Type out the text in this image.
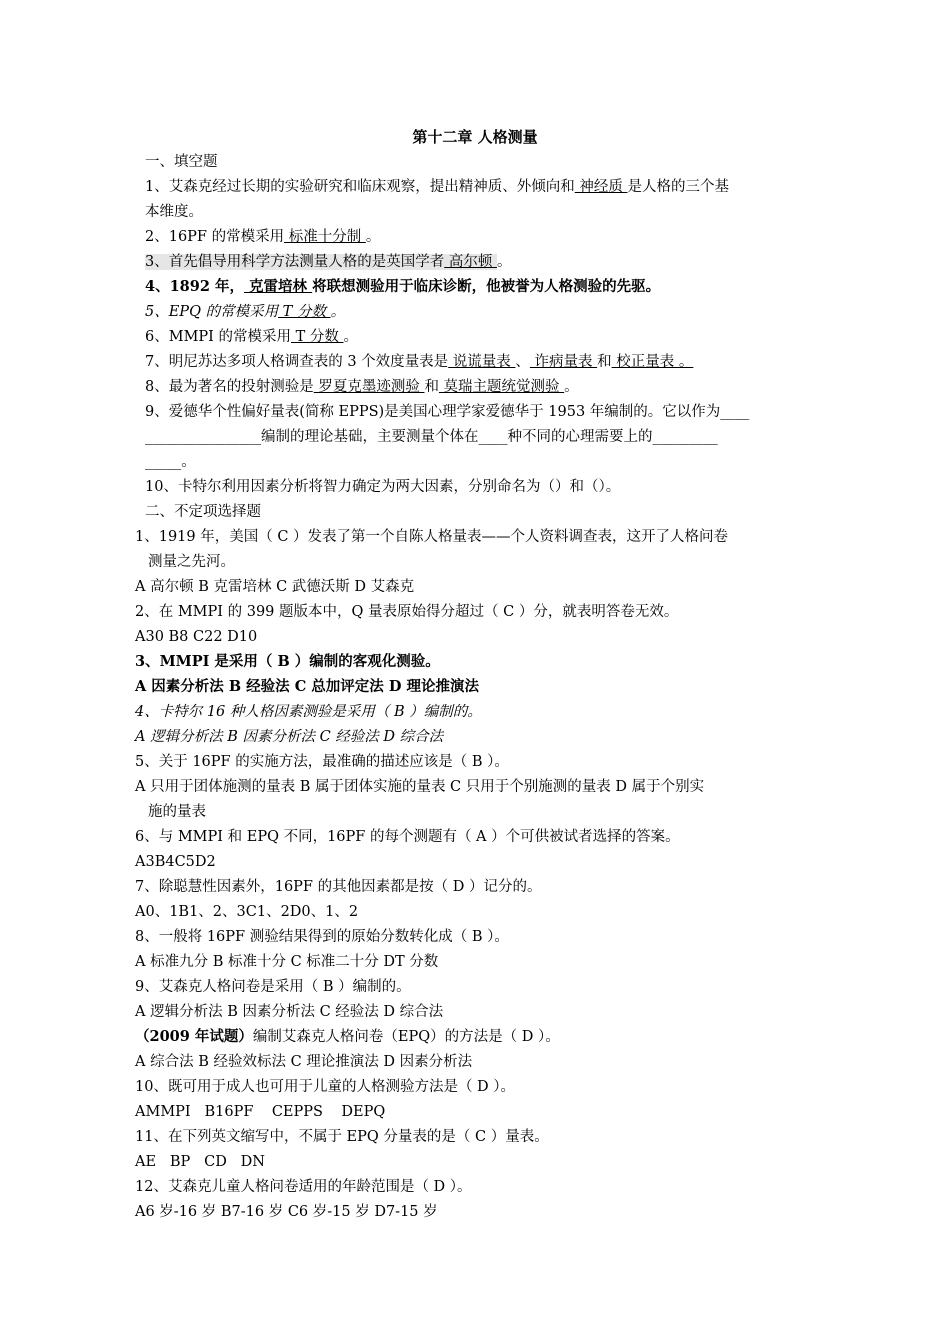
第十二章 人格测量
一、填空题
1、艾森克经过长期的实验研究和临床观察，提出精神质、外倾向和 神经质 是人格的三个基
本维度。
2、16PF 的常模采用 标准十分制 。
3、首先倡导用科学方法测量人格的是英国学者 高尔顿 。
4、1892 年， 克雷培林 将联想测验用于临床诊断，他被誉为人格测验的先驱。
5、EPQ 的常模采用 T 分数 。
6、MMPI 的常模采用 T 分数 。
7、明尼苏达多项人格调查表的 3 个效度量表是 说谎量表 、 诈病量表 和 校正量表 。
8、最为著名的投射测验是 罗夏克墨迹测验 和 莫瑞主题统觉测验 。
9、爱德华个性偏好量表(简称 EPPS)是美国心理学家爱德华于 1953 年编制的。它以作为____
________________编制的理论基础，主要测量个体在____种不同的心理需要上的_________
_____。
10、卡特尔利用因素分析将智力确定为两大因素，分别命名为（）和（）。
二、不定项选择题
1、1919 年，美国（ C ）发表了第一个自陈人格量表——个人资料调查表，这开了人格问卷
测量之先河。
A 高尔顿 B 克雷培林 C 武德沃斯 D 艾森克
2、在 MMPI 的 399 题版本中，Q 量表原始得分超过（ C ）分，就表明答卷无效。
A30 B8 C22 D10
3、MMPI 是采用（ B ）编制的客观化测验。
A 因素分析法 B 经验法 C 总加评定法 D 理论推演法
4、卡特尔 16 种人格因素测验是采用（ B ）编制的。
A 逻辑分析法 B 因素分析法 C 经验法 D 综合法
5、关于 16PF 的实施方法，最准确的描述应该是（ B ）。
A 只用于团体施测的量表 B 属于团体实施的量表 C 只用于个别施测的量表 D 属于个别实
施的量表
6、与 MMPI 和 EPQ 不同，16PF 的每个测题有（ A ）个可供被试者选择的答案。
A3B4C5D2
7、除聪慧性因素外，16PF 的其他因素都是按（ D ）记分的。
A0、1B1、2、3C1、2D0、1、2
8、一般将 16PF 测验结果得到的原始分数转化成（ B ）。
A 标准九分 B 标准十分 C 标准二十分 DT 分数
9、艾森克人格问卷是采用（ B ）编制的。
A 逻辑分析法 B 因素分析法 C 经验法 D 综合法
（2009 年试题）编制艾森克人格问卷（EPQ）的方法是（ D ）。
A 综合法 B 经验效标法 C 理论推演法 D 因素分析法
10、既可用于成人也可用于儿童的人格测验方法是（ D ）。
AMMPI   B16PF    CEPPS    DEPQ
11、在下列英文缩写中，不属于 EPQ 分量表的是（ C ）量表。
AE   BP   CD   DN
12、艾森克儿童人格问卷适用的年龄范围是（ D ）。
A6 岁-16 岁 B7-16 岁 C6 岁-15 岁 D7-15 岁
